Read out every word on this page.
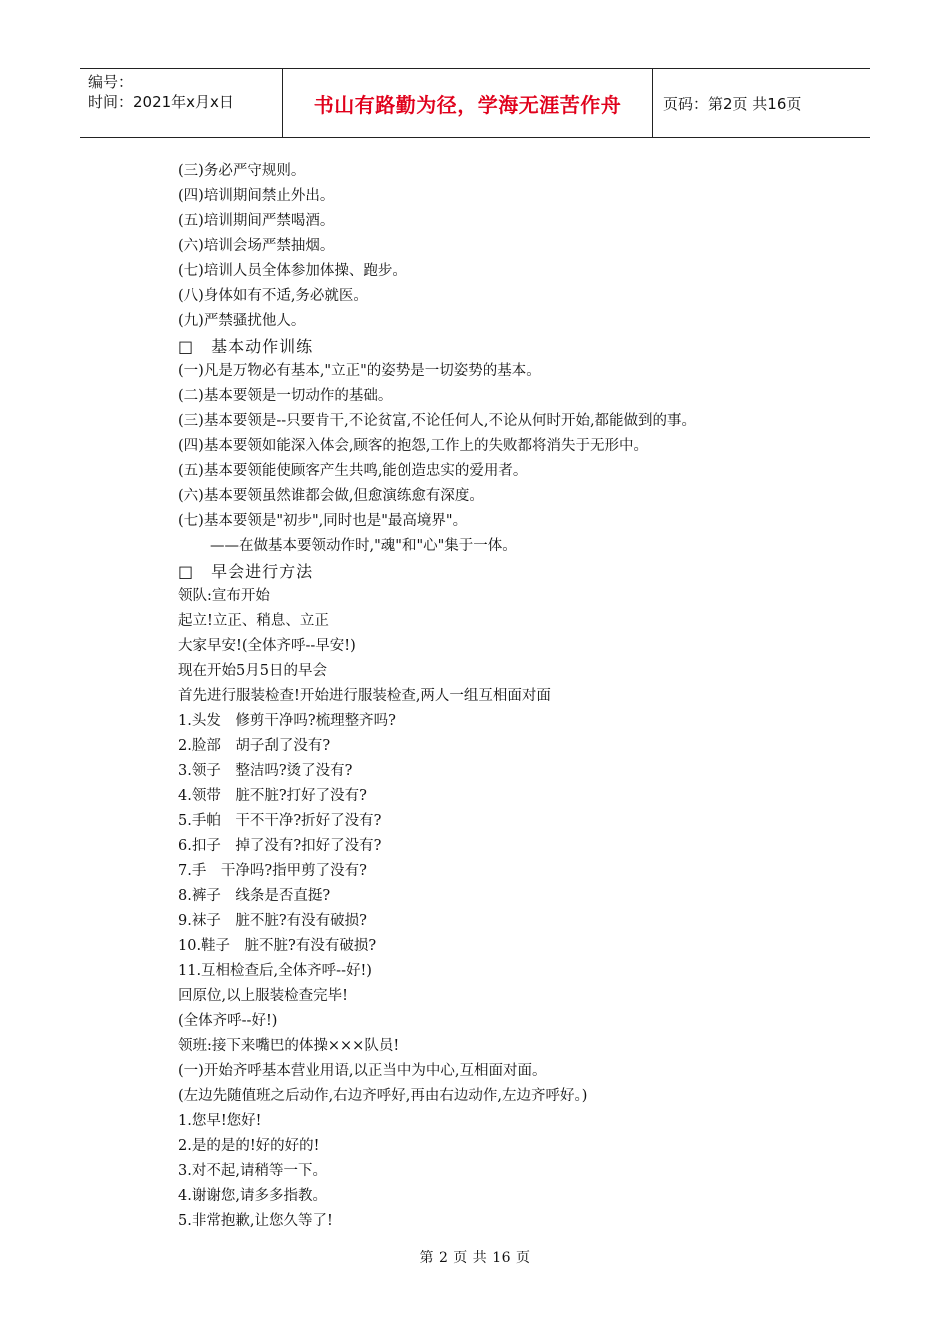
编号：
时间：2021年x月x日	书山有路勤为径，学海无涯苦作舟	页码：第2页 共16页
(三)务必严守规则。
(四)培训期间禁止外出。
(五)培训期间严禁喝酒。
(六)培训会场严禁抽烟。
(七)培训人员全体参加体操、跑步。
(八)身体如有不适,务必就医。
(九)严禁骚扰他人。
□　基本动作训练
(一)凡是万物必有基本,"立正"的姿势是一切姿势的基本。
(二)基本要领是一切动作的基础。
(三)基本要领是--只要肯干,不论贫富,不论任何人,不论从何时开始,都能做到的事。
(四)基本要领如能深入体会,顾客的抱怨,工作上的失败都将消失于无形中。
(五)基本要领能使顾客产生共鸣,能创造忠实的爱用者。
(六)基本要领虽然谁都会做,但愈演练愈有深度。
(七)基本要领是"初步",同时也是"最高境界"。
——在做基本要领动作时,"魂"和"心"集于一体。
□　早会进行方法
领队:宣布开始
起立!立正、稍息、立正
大家早安!(全体齐呼--早安!)
现在开始5月5日的早会
首先进行服装检查!开始进行服装检查,两人一组互相面对面
1.头发　修剪干净吗?梳理整齐吗?
2.脸部　胡子刮了没有?
3.领子　整洁吗?烫了没有?
4.领带　脏不脏?打好了没有?
5.手帕　干不干净?折好了没有?
6.扣子　掉了没有?扣好了没有?
7.手　干净吗?指甲剪了没有?
8.裤子　线条是否直挺?
9.袜子　脏不脏?有没有破损?
10.鞋子　脏不脏?有没有破损?
11.互相检查后,全体齐呼--好!)
回原位,以上服装检查完毕!
(全体齐呼--好!)
领班:接下来嘴巴的体操×××队员!
(一)开始齐呼基本营业用语,以正当中为中心,互相面对面。
(左边先随值班之后动作,右边齐呼好,再由右边动作,左边齐呼好。)
1.您早!您好!
2.是的是的!好的好的!
3.对不起,请稍等一下。
4.谢谢您,请多多指教。
5.非常抱歉,让您久等了!
第 2 页 共 16 页
